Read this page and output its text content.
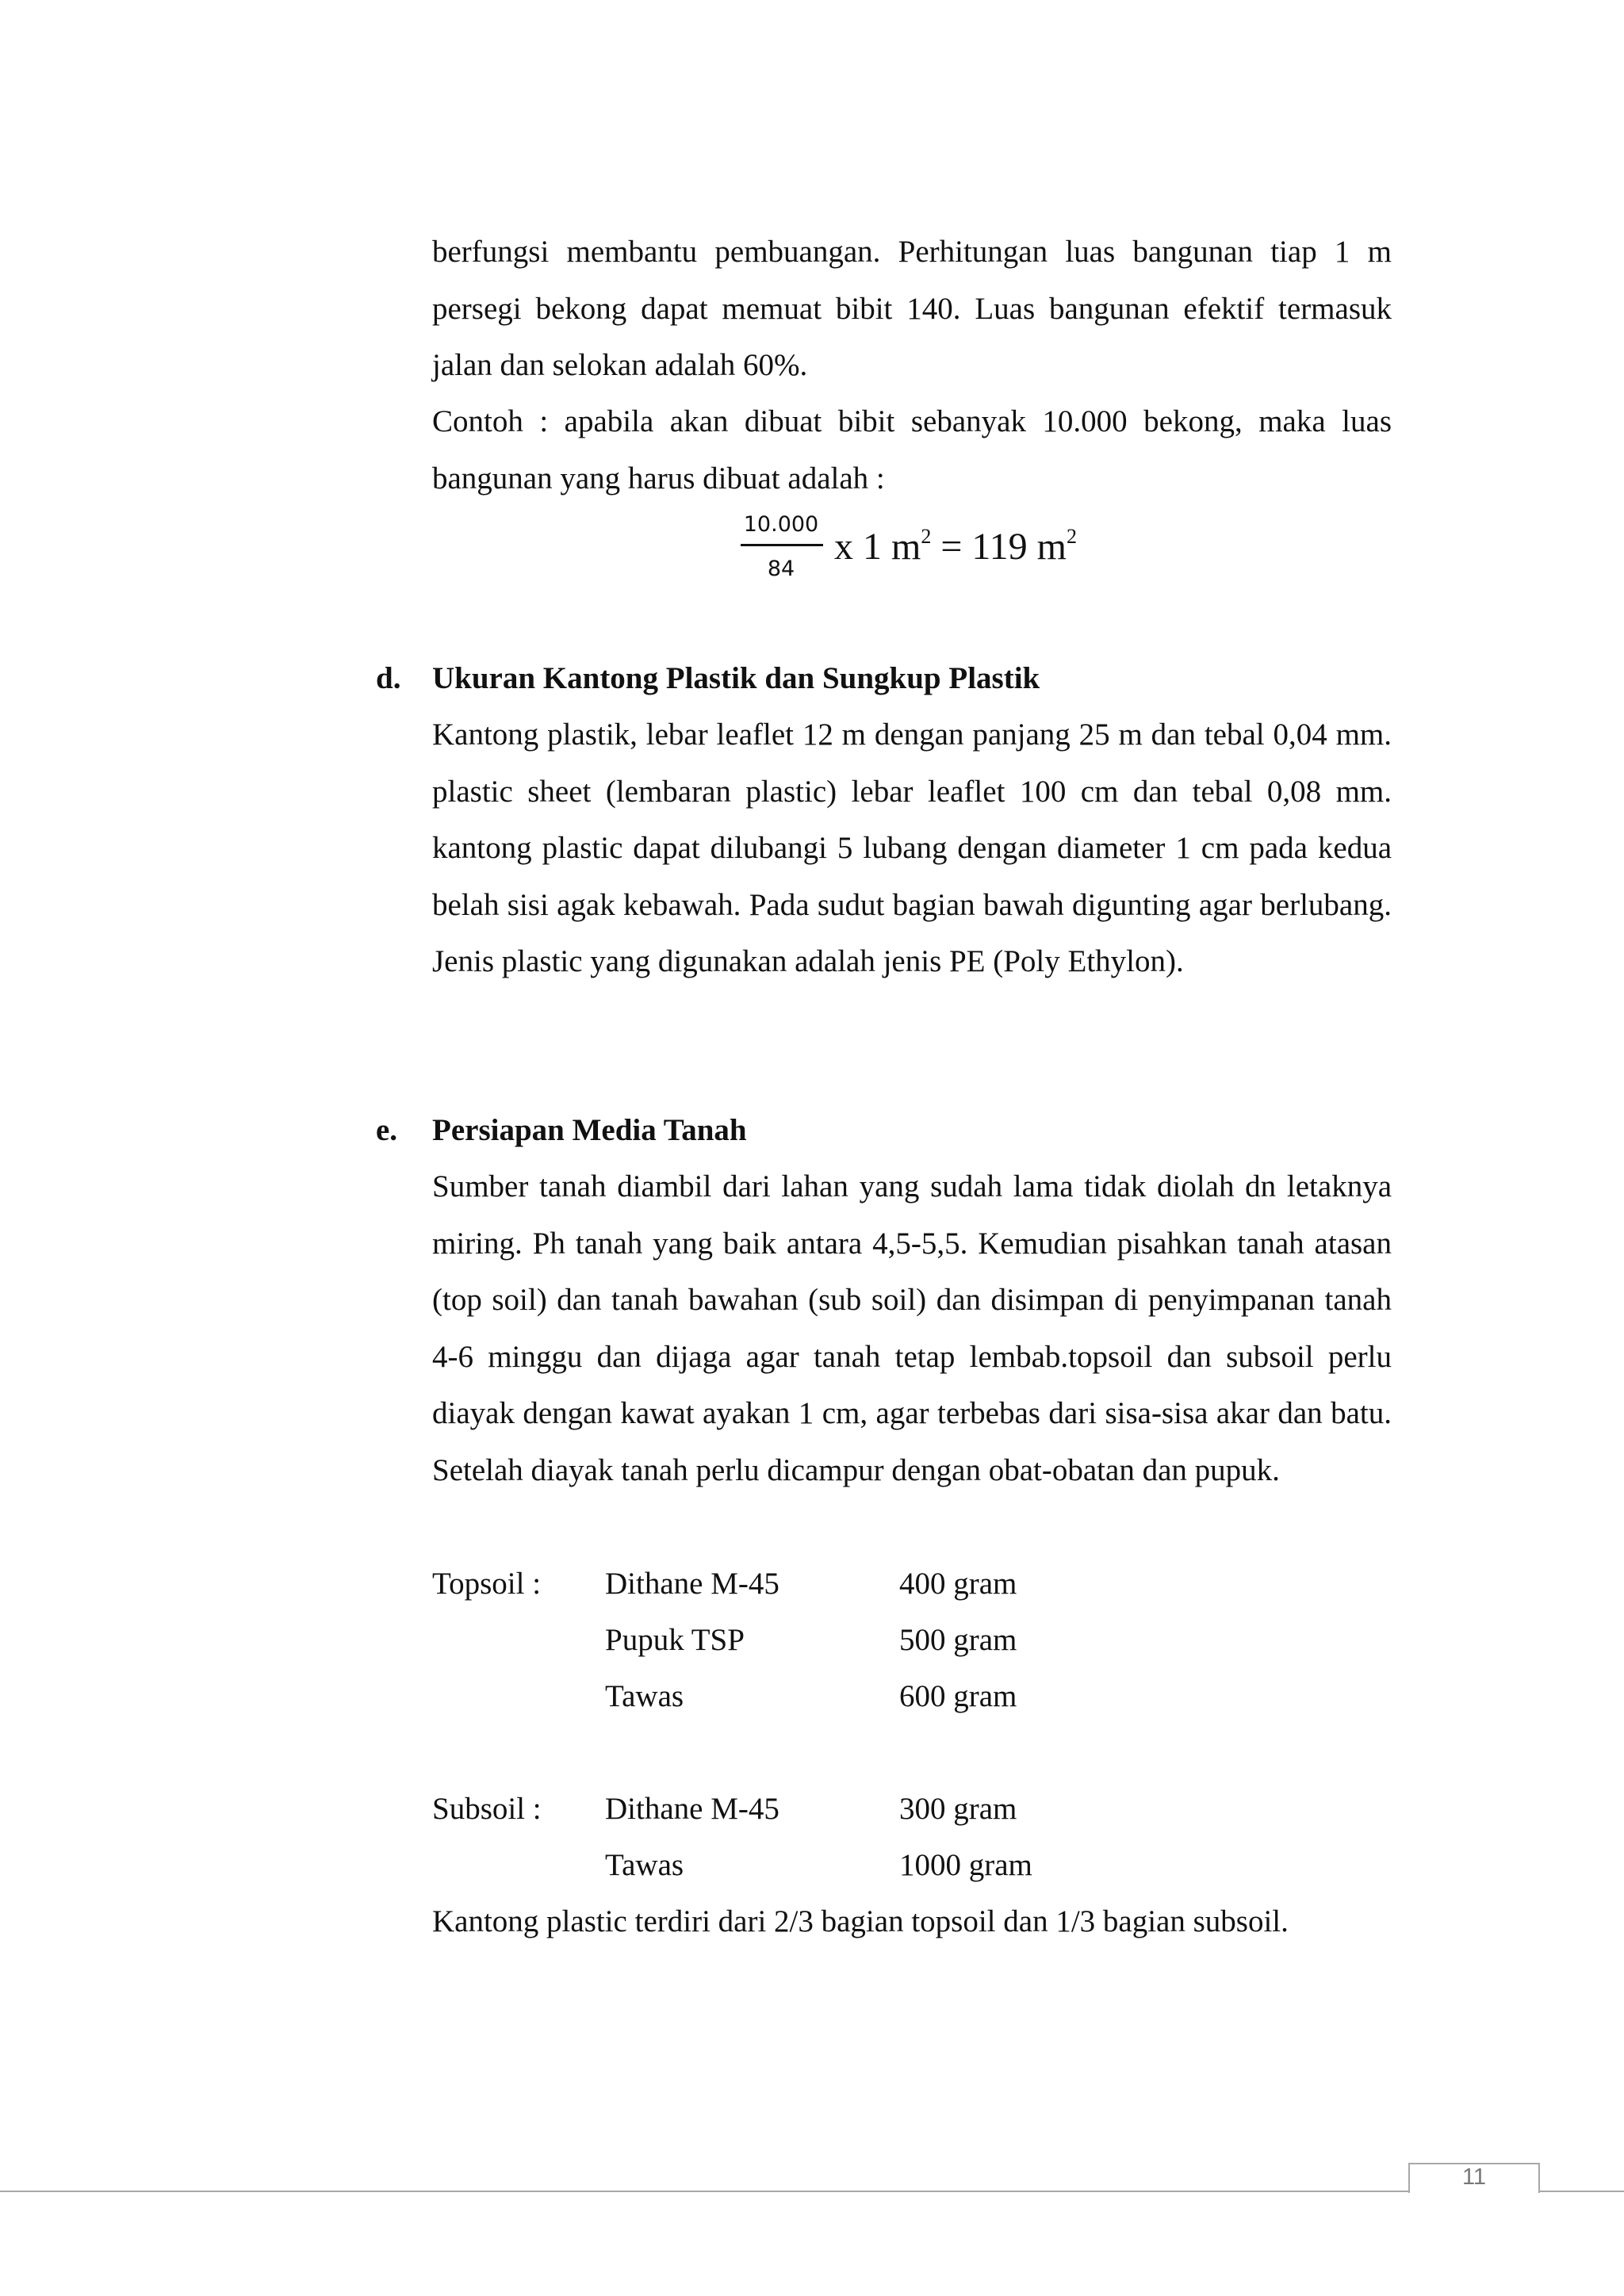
berfungsi membantu pembuangan. Perhitungan luas bangunan tiap 1 m persegi bekong dapat memuat bibit 140. Luas bangunan efektif termasuk jalan dan selokan adalah 60%.
Contoh : apabila akan dibuat bibit sebanyak 10.000 bekong, maka luas bangunan yang harus dibuat adalah :
10.000
84
x 1 $m^2 = 119$ $m^2$
d. Ukuran Kantong Plastik dan Sungkup Plastik
Kantong plastik, lebar leaflet 12 m dengan panjang 25 m dan tebal 0,04 mm. plastic sheet (lembaran plastic) lebar leaflet 100 cm dan tebal 0,08 mm. kantong plastic dapat dilubangi 5 lubang dengan diameter 1 cm pada kedua belah sisi agak kebawah. Pada sudut bagian bawah digunting agar berlubang. Jenis plastic yang digunakan adalah jenis PE (Poly Ethylon).
e. Persiapan Media Tanah
Sumber tanah diambil dari lahan yang sudah lama tidak diolah dn letaknya miring. Ph tanah yang baik antara 4,5-5,5. Kemudian pisahkan tanah atasan (top soil) dan tanah bawahan (sub soil) dan disimpan di penyimpanan tanah 4-6 minggu dan dijaga agar tanah tetap lembab.topsoil dan subsoil perlu diayak dengan kawat ayakan 1 cm, agar terbebas dari sisa-sisa akar dan batu. Setelah diayak tanah perlu dicampur dengan obat-obatan dan pupuk.
Topsoil : Dithane M-45	400 gram
Pupuk TSP	500 gram
Tawas	600 gram
Subsoil : Dithane M-45	300 gram
Tawas	1000 gram
Kantong plastic terdiri dari 2/3 bagian topsoil dan 1/3 bagian subsoil.
11
